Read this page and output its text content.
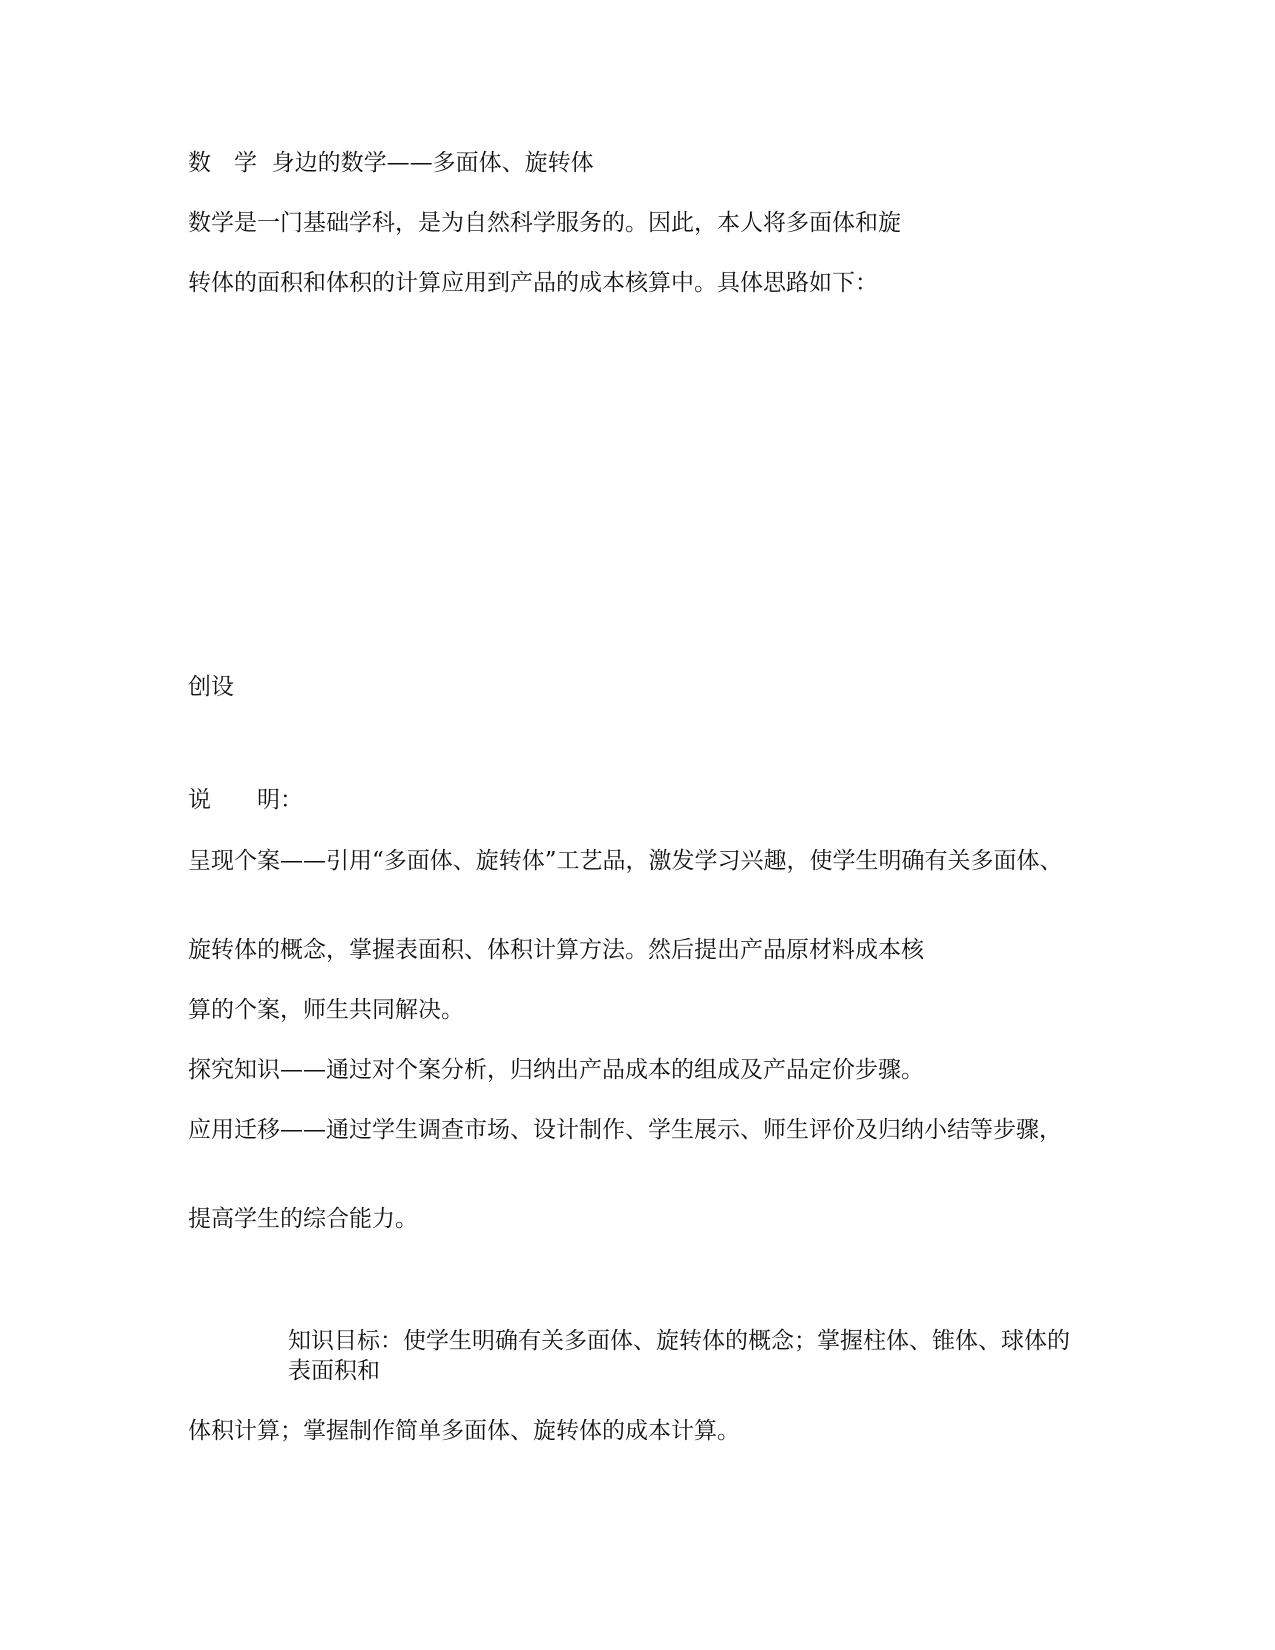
数　学  身边的数学——多面体、旋转体
数学是一门基础学科，是为自然科学服务的。因此，本人将多面体和旋
转体的面积和体积的计算应用到产品的成本核算中。具体思路如下：
创设
说　　明：
呈现个案——引用“多面体、旋转体”工艺品，激发学习兴趣，使学生明确有关多面体、
旋转体的概念，掌握表面积、体积计算方法。然后提出产品原材料成本核
算的个案，师生共同解决。
探究知识——通过对个案分析，归纳出产品成本的组成及产品定价步骤。
应用迁移——通过学生调查市场、设计制作、学生展示、师生评价及归纳小结等步骤，
提高学生的综合能力。
知识目标：使学生明确有关多面体、旋转体的概念；掌握柱体、锥体、球体的表面积和
体积计算；掌握制作简单多面体、旋转体的成本计算。
